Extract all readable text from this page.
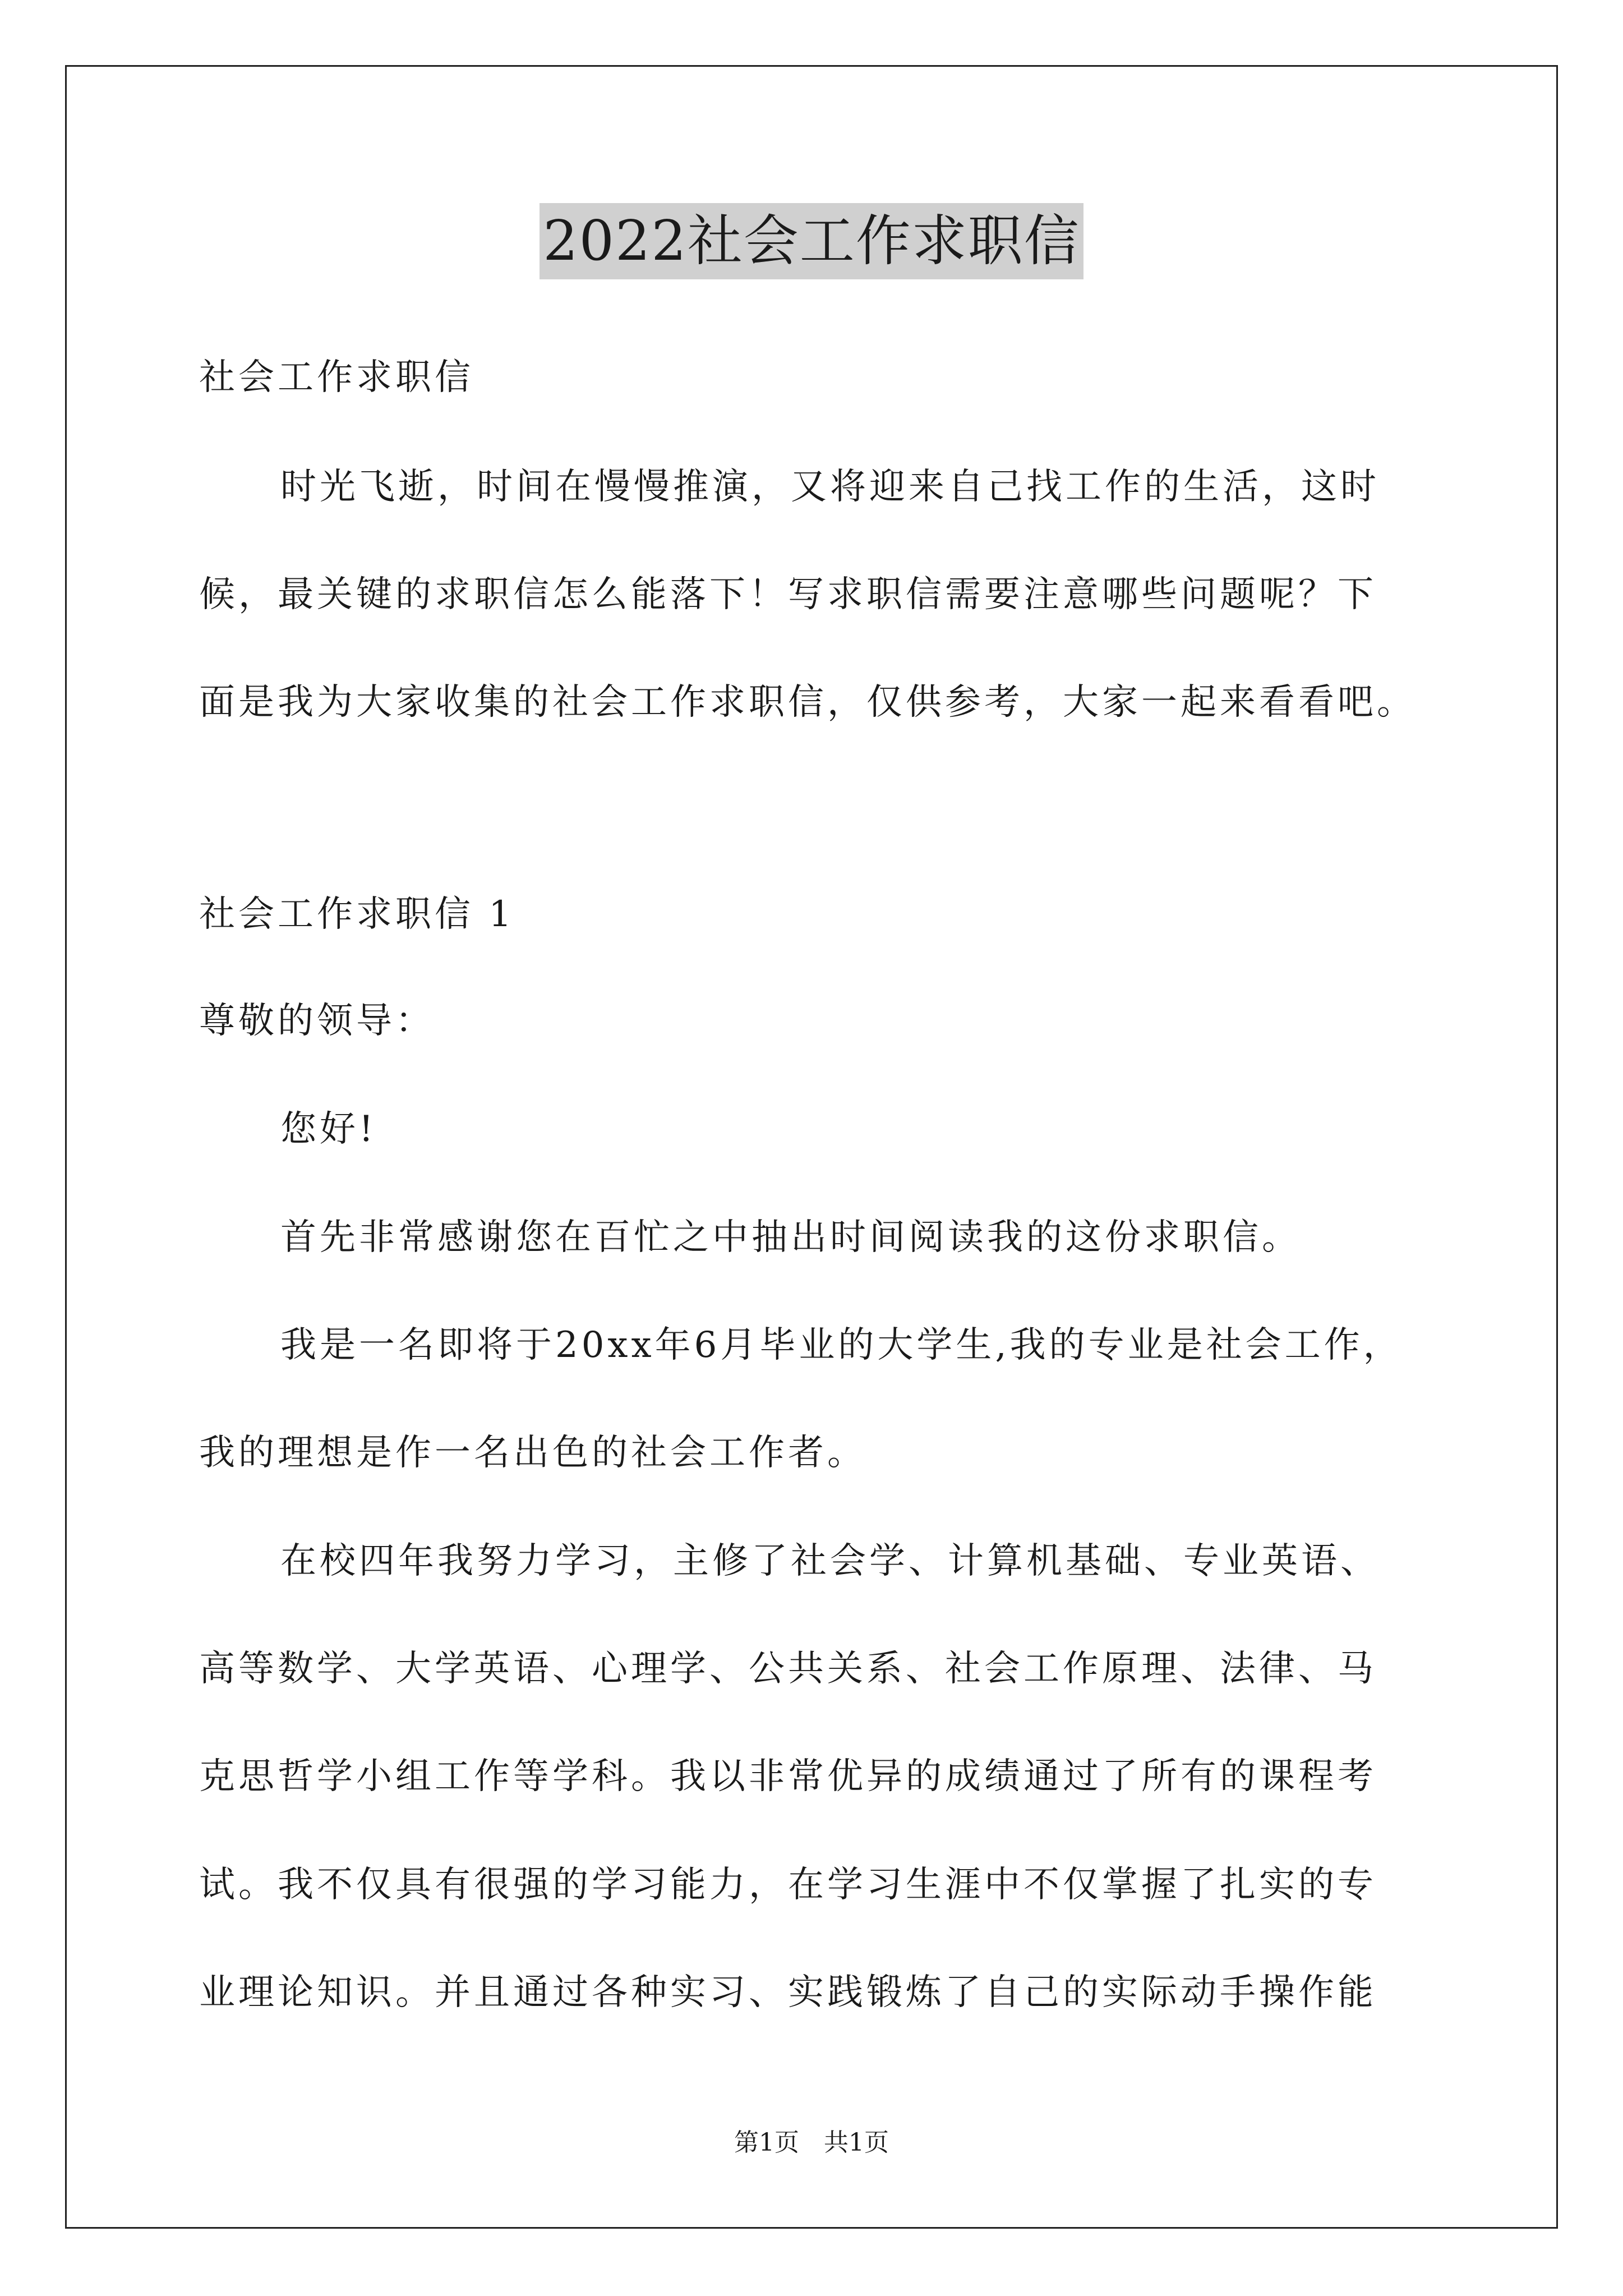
2022社会工作求职信
社会工作求职信
时光飞逝，时间在慢慢推演，又将迎来自己找工作的生活，这时
候，最关键的求职信怎么能落下！写求职信需要注意哪些问题呢？下
面是我为大家收集的社会工作求职信，仅供参考，大家一起来看看吧。
社会工作求职信 1
尊敬的领导：
您好!
首先非常感谢您在百忙之中抽出时间阅读我的这份求职信。
我是一名即将于20xx年6月毕业的大学生,我的专业是社会工作，
我的理想是作一名出色的社会工作者。
在校四年我努力学习，主修了社会学、计算机基础、专业英语、
高等数学、大学英语、心理学、公共关系、社会工作原理、法律、马
克思哲学小组工作等学科。我以非常优异的成绩通过了所有的课程考
试。我不仅具有很强的学习能力，在学习生涯中不仅掌握了扎实的专
业理论知识。并且通过各种实习、实践锻炼了自己的实际动手操作能
第1页　共1页
